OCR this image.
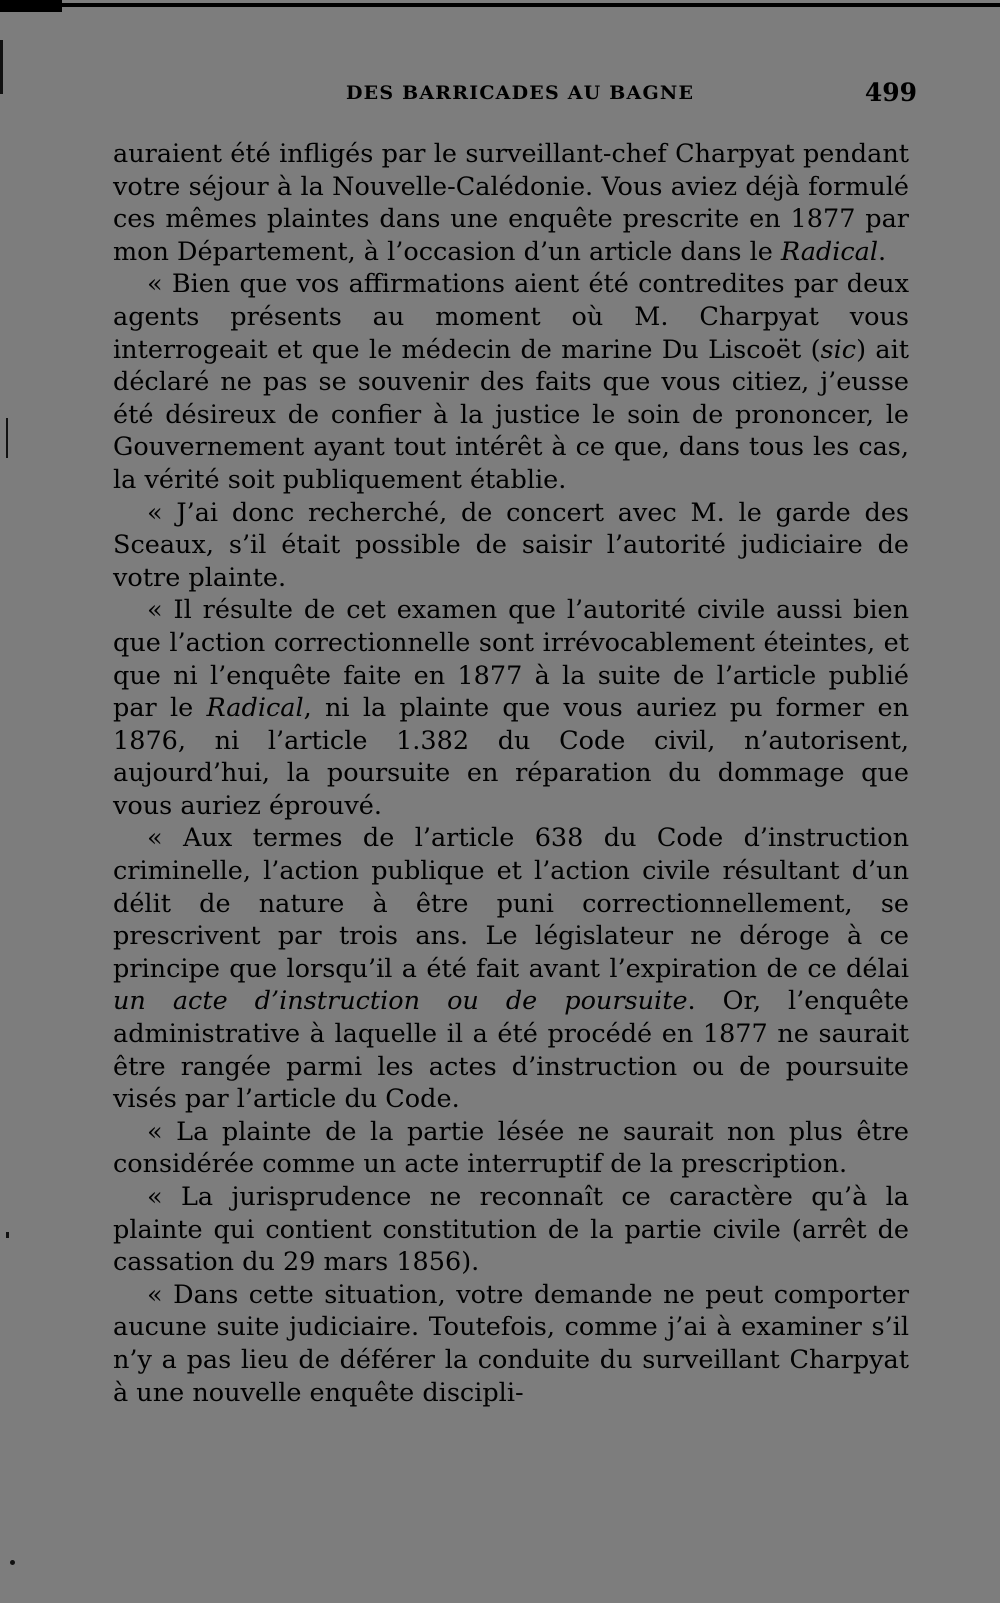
DES BARRICADES AU BAGNE	499

auraient été infligés par le surveillant-chef Charpyat pendant votre séjour à la Nouvelle-Calédonie. Vous aviez déjà formulé ces mêmes plaintes dans une enquête prescrite en 1877 par mon Département, à l’occasion d’un article dans le Radical.

« Bien que vos affirmations aient été contredites par deux agents présents au moment où M. Charpyat vous interrogeait et que le médecin de marine Du Liscoët (sic) ait déclaré ne pas se souvenir des faits que vous citiez, j’eusse été désireux de confier à la justice le soin de prononcer, le Gouvernement ayant tout intérêt à ce que, dans tous les cas, la vérité soit publiquement établie.

« J’ai donc recherché, de concert avec M. le garde des Sceaux, s’il était possible de saisir l’autorité judiciaire de votre plainte.

« Il résulte de cet examen que l’autorité civile aussi bien que l’action correctionnelle sont irrévocablement éteintes, et que ni l’enquête faite en 1877 à la suite de l’article publié par le Radical, ni la plainte que vous auriez pu former en 1876, ni l’article 1.382 du Code civil, n’autorisent, aujourd’hui, la poursuite en réparation du dommage que vous auriez éprouvé.

« Aux termes de l’article 638 du Code d’instruction criminelle, l’action publique et l’action civile résultant d’un délit de nature à être puni correctionnellement, se prescrivent par trois ans. Le législateur ne déroge à ce principe que lorsqu’il a été fait avant l’expiration de ce délai un acte d’instruction ou de poursuite. Or, l’enquête administrative à laquelle il a été procédé en 1877 ne saurait être rangée parmi les actes d’instruction ou de poursuite visés par l’article du Code.

« La plainte de la partie lésée ne saurait non plus être considérée comme un acte interruptif de la prescription.

« La jurisprudence ne reconnaît ce caractère qu’à la plainte qui contient constitution de la partie civile (arrêt de cassation du 29 mars 1856).

« Dans cette situation, votre demande ne peut comporter aucune suite judiciaire. Toutefois, comme j’ai à examiner s’il n’y a pas lieu de déférer la conduite du surveillant Charpyat à une nouvelle enquête discipli-
